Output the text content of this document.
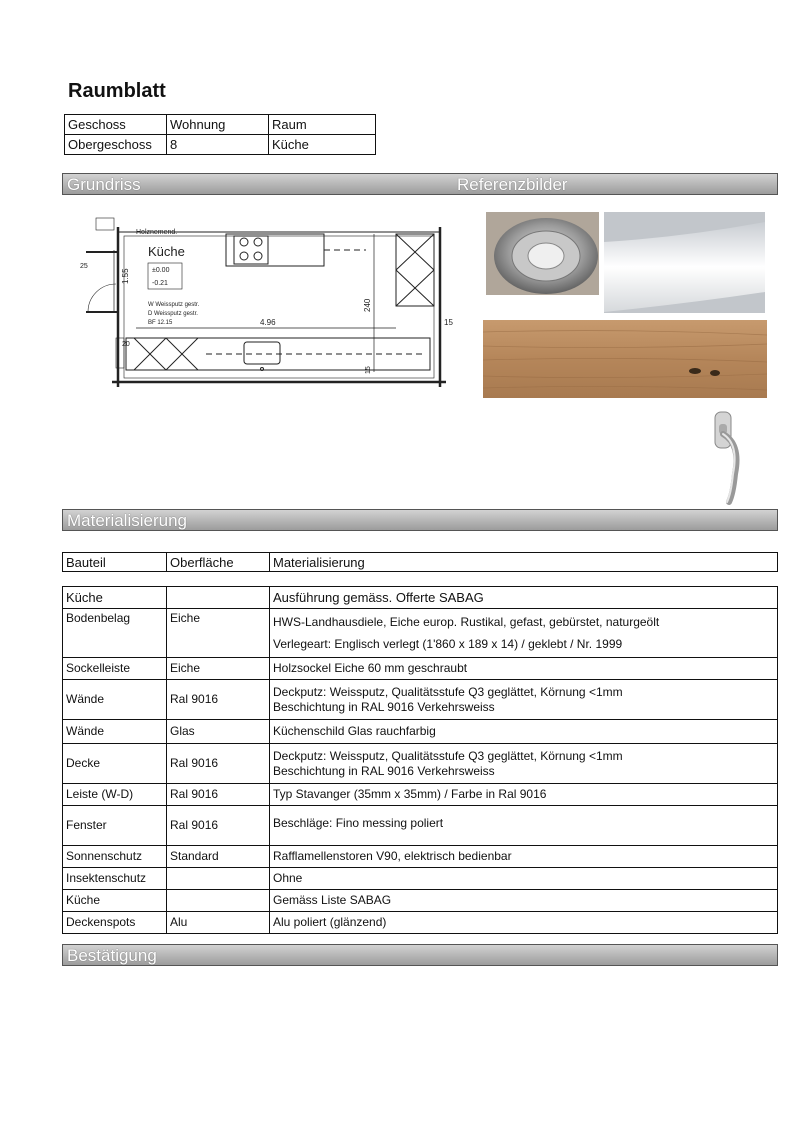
Raumblatt
Geschoss	Wohnung	Raum
Obergeschoss	8	Küche
Grundriss	Referenzbilder
Holznemend.
Küche
±0.00
-0.21
W Weissputz gestr.
D Weissputz gestr.
BF 12.15	4.96
240
1.55
15
15
25
20
Materialisierung
Bauteil	Oberfläche	Materialisierung
Küche		Ausführung gemäss. Offerte SABAG
Bodenbelag	Eiche	HWS-Landhausdiele, Eiche europ. Rustikal, gefast, gebürstet, naturgeölt
Verlegeart: Englisch verlegt (1'860 x 189 x 14) / geklebt / Nr. 1999

Sockelleiste	Eiche	Holzsockel Eiche 60 mm geschraubt
Wände	Ral 9016	Deckputz: Weissputz, Qualitätsstufe Q3 geglättet, Körnung <1mm
Beschichtung in RAL 9016 Verkehrsweiss

Wände	Glas	Küchenschild Glas rauchfarbig
Decke	Ral 9016	Deckputz: Weissputz, Qualitätsstufe Q3 geglättet, Körnung <1mm
Beschichtung in RAL 9016 Verkehrsweiss

Leiste (W-D)	Ral 9016	Typ Stavanger (35mm x 35mm) / Farbe in Ral 9016
Fenster	Ral 9016	Beschläge: Fino messing poliert
Sonnenschutz	Standard	Rafflamellenstoren V90, elektrisch bedienbar
Insektenschutz		Ohne
Küche		Gemäss Liste SABAG
Deckenspots	Alu	Alu poliert (glänzend)
Bestätigung
